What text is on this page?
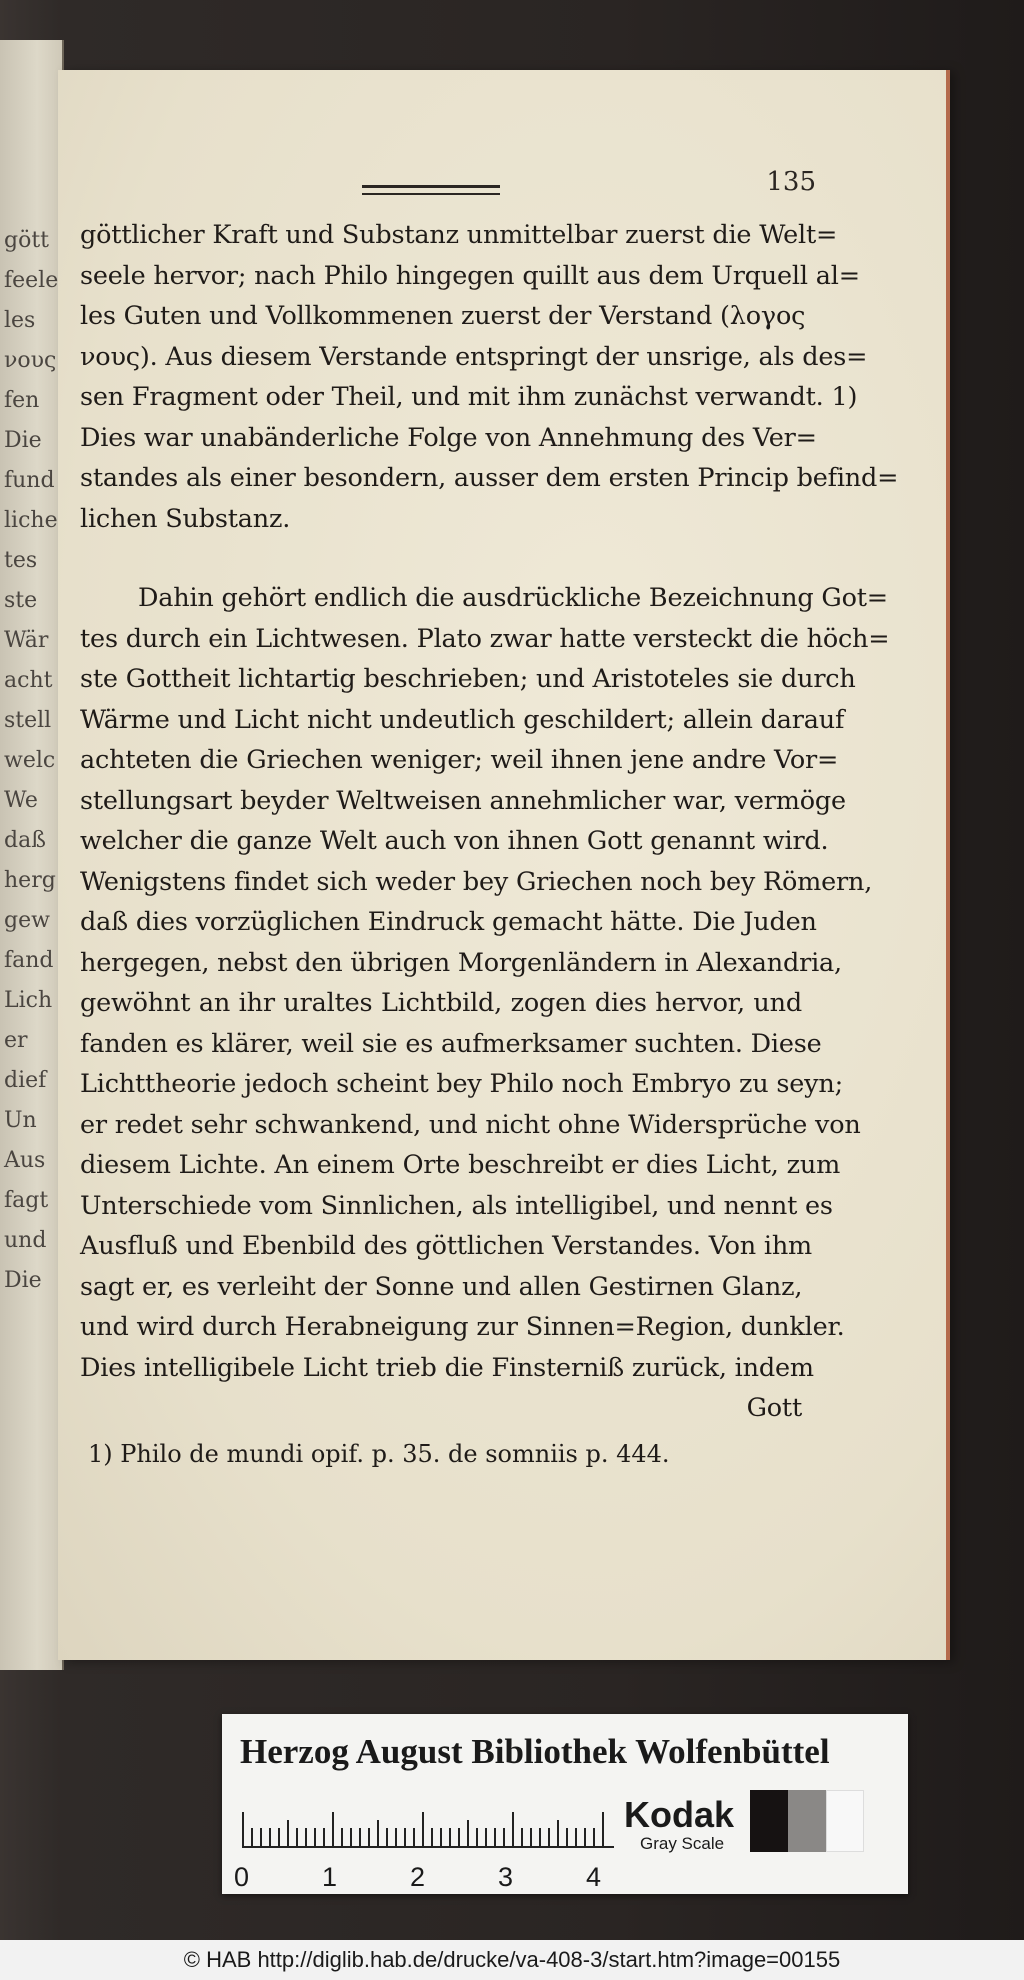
gött
feele
les
νους
fen
Die
fund
liche
tes
ste
Wär
acht
stell
welc
We
daß
herg
gew
fand
Lich
er
dief
Un
Aus
fagt
und
Die
135
göttlicher Kraft und Substanz unmittelbar zuerst die Welt=
seele hervor; nach Philo hingegen quillt aus dem Urquell al=
les Guten und Vollkommenen zuerst der Verstand (λογος
νους). Aus diesem Verstande entspringt der unsrige, als des=
sen Fragment oder Theil, und mit ihm zunächst verwandt. 1)
Dies war unabänderliche Folge von Annehmung des Ver=
standes als einer besondern, ausser dem ersten Princip befind=
lichen Substanz.
Dahin gehört endlich die ausdrückliche Bezeichnung Got=
tes durch ein Lichtwesen. Plato zwar hatte versteckt die höch=
ste Gottheit lichtartig beschrieben; und Aristoteles sie durch
Wärme und Licht nicht undeutlich geschildert; allein darauf
achteten die Griechen weniger; weil ihnen jene andre Vor=
stellungsart beyder Weltweisen annehmlicher war, vermöge
welcher die ganze Welt auch von ihnen Gott genannt wird.
Wenigstens findet sich weder bey Griechen noch bey Römern,
daß dies vorzüglichen Eindruck gemacht hätte. Die Juden
hergegen, nebst den übrigen Morgenländern in Alexandria,
gewöhnt an ihr uraltes Lichtbild, zogen dies hervor, und
fanden es klärer, weil sie es aufmerksamer suchten. Diese
Lichttheorie jedoch scheint bey Philo noch Embryo zu seyn;
er redet sehr schwankend, und nicht ohne Widersprüche von
diesem Lichte. An einem Orte beschreibt er dies Licht, zum
Unterschiede vom Sinnlichen, als intelligibel, und nennt es
Ausfluß und Ebenbild des göttlichen Verstandes. Von ihm
sagt er, es verleiht der Sonne und allen Gestirnen Glanz,
und wird durch Herabneigung zur Sinnen=Region, dunkler.
Dies intelligibele Licht trieb die Finsterniß zurück, indem
Gott
1) Philo de mundi opif. p. 35. de somniis p. 444.
Herzog August Bibliothek Wolfenbüttel
0	1	2	3	4
Kodak
Gray Scale
© HAB http://diglib.hab.de/drucke/va-408-3/start.htm?image=00155
